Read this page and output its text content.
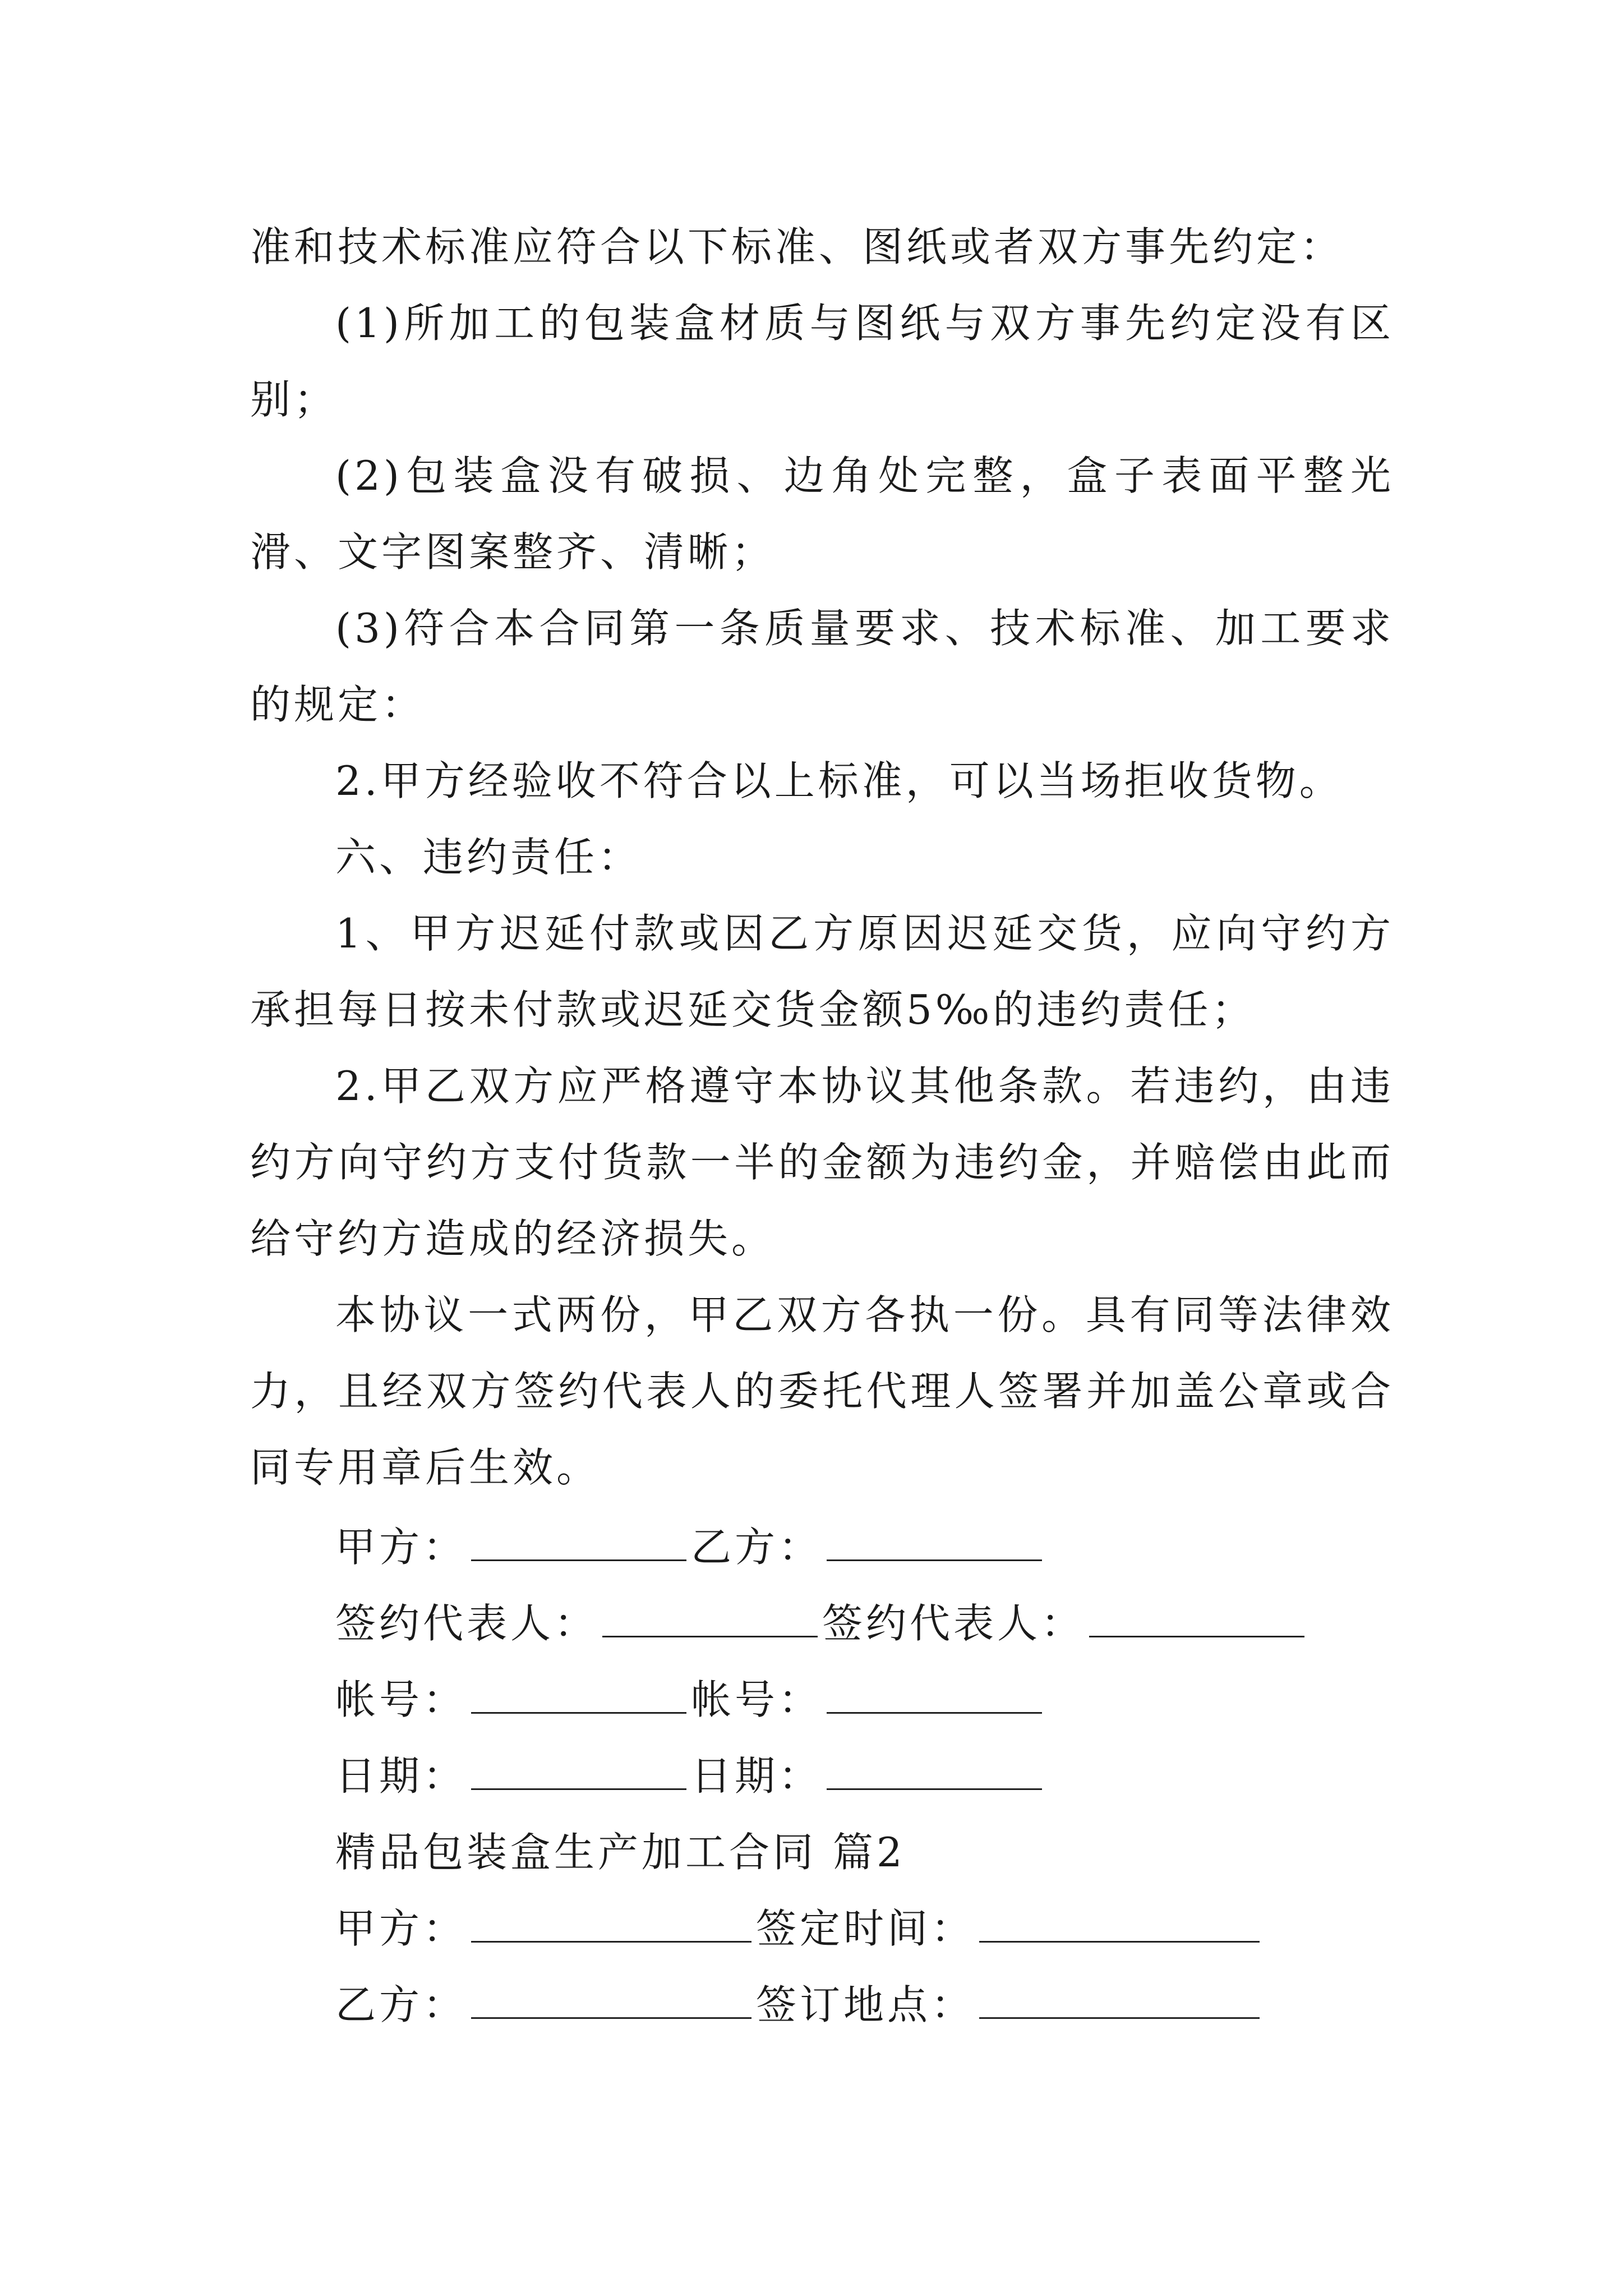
准和技术标准应符合以下标准、图纸或者双方事先约定：

(1)所加工的包装盒材质与图纸与双方事先约定没有区别；

(2)包装盒没有破损、边角处完整，盒子表面平整光滑、文字图案整齐、清晰；

(3)符合本合同第一条质量要求、技术标准、加工要求的规定：

2.甲方经验收不符合以上标准，可以当场拒收货物。

六、违约责任：

1、甲方迟延付款或因乙方原因迟延交货，应向守约方承担每日按未付款或迟延交货金额5‰的违约责任；

2.甲乙双方应严格遵守本协议其他条款。若违约，由违约方向守约方支付货款一半的金额为违约金，并赔偿由此而给守约方造成的经济损失。

本协议一式两份，甲乙双方各执一份。具有同等法律效力，且经双方签约代表人的委托代理人签署并加盖公章或合同专用章后生效。

甲方：	乙方：
签约代表人：	签约代表人：
帐号：	帐号：
日期：	日期：
精品包装盒生产加工合同 篇2
甲方：	签定时间：
乙方：	签订地点：
